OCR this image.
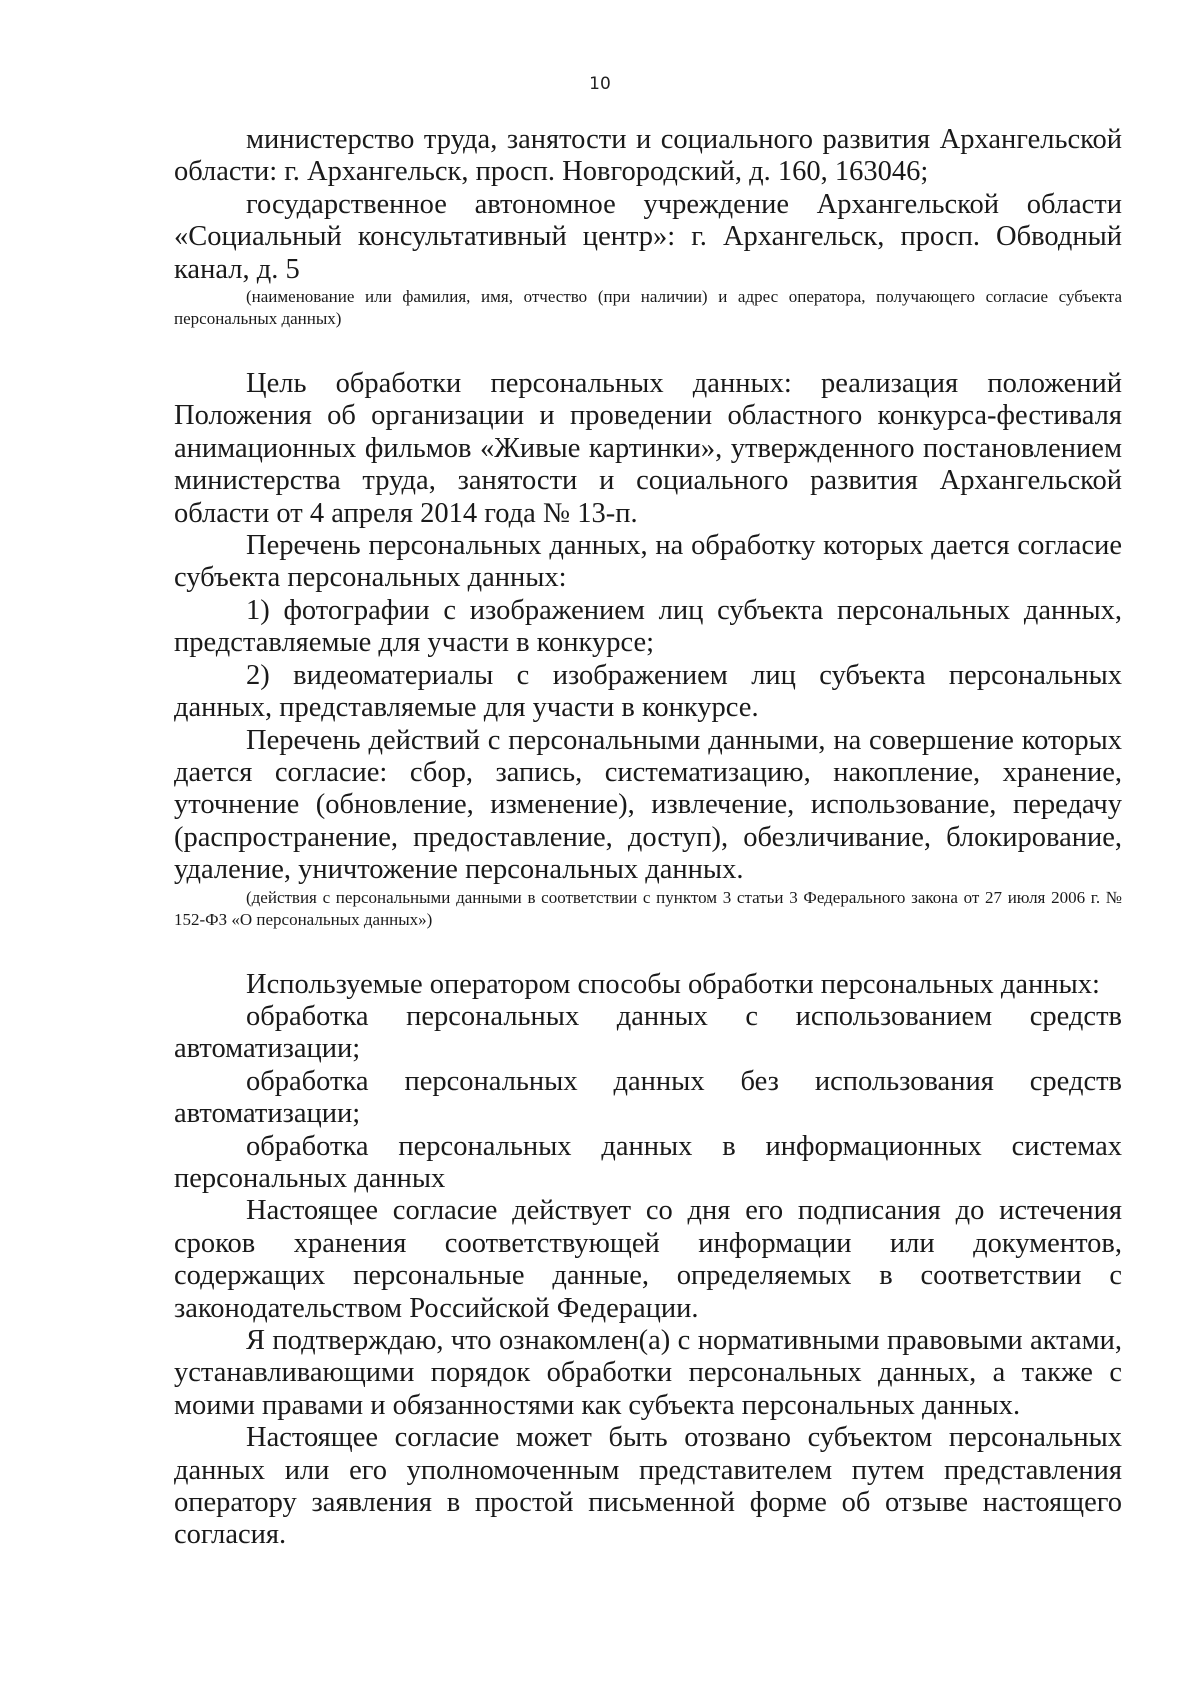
10

министерство труда, занятости и социального развития Архангельской области: г. Архангельск, просп. Новгородский, д. 160, 163046;

государственное автономное учреждение Архангельской области «Социальный консультативный центр»: г. Архангельск, просп. Обводный канал, д. 5

(наименование или фамилия, имя, отчество (при наличии) и адрес оператора, получающего согласие субъекта персональных данных)

Цель обработки персональных данных: реализация положений Положения об организации и проведении областного конкурса-фестиваля анимационных фильмов «Живые картинки», утвержденного постановлением министерства труда, занятости и социального развития Архангельской области от 4 апреля 2014 года № 13-п.

Перечень персональных данных, на обработку которых дается согласие субъекта персональных данных:

1) фотографии с изображением лиц субъекта персональных данных, представляемые для участи в конкурсе;

2) видеоматериалы с изображением лиц субъекта персональных данных, представляемые для участи в конкурсе.

Перечень действий с персональными данными, на совершение которых дается согласие: сбор, запись, систематизацию, накопление, хранение, уточнение (обновление, изменение), извлечение, использование, передачу (распространение, предоставление, доступ), обезличивание, блокирование, удаление, уничтожение персональных данных.

(действия с персональными данными в соответствии с пунктом 3 статьи 3 Федерального закона от 27 июля 2006 г. № 152-ФЗ «О персональных данных»)

Используемые оператором способы обработки персональных данных:

обработка персональных данных с использованием средств автоматизации;

обработка персональных данных без использования средств автоматизации;

обработка персональных данных в информационных системах персональных данных

Настоящее согласие действует со дня его подписания до истечения сроков хранения соответствующей информации или документов, содержащих персональные данные, определяемых в соответствии с законодательством Российской Федерации.

Я подтверждаю, что ознакомлен(а) с нормативными правовыми актами, устанавливающими порядок обработки персональных данных, а также с моими правами и обязанностями как субъекта персональных данных.

Настоящее согласие может быть отозвано субъектом персональных данных или его уполномоченным представителем путем представления оператору заявления в простой письменной форме об отзыве настоящего согласия.
